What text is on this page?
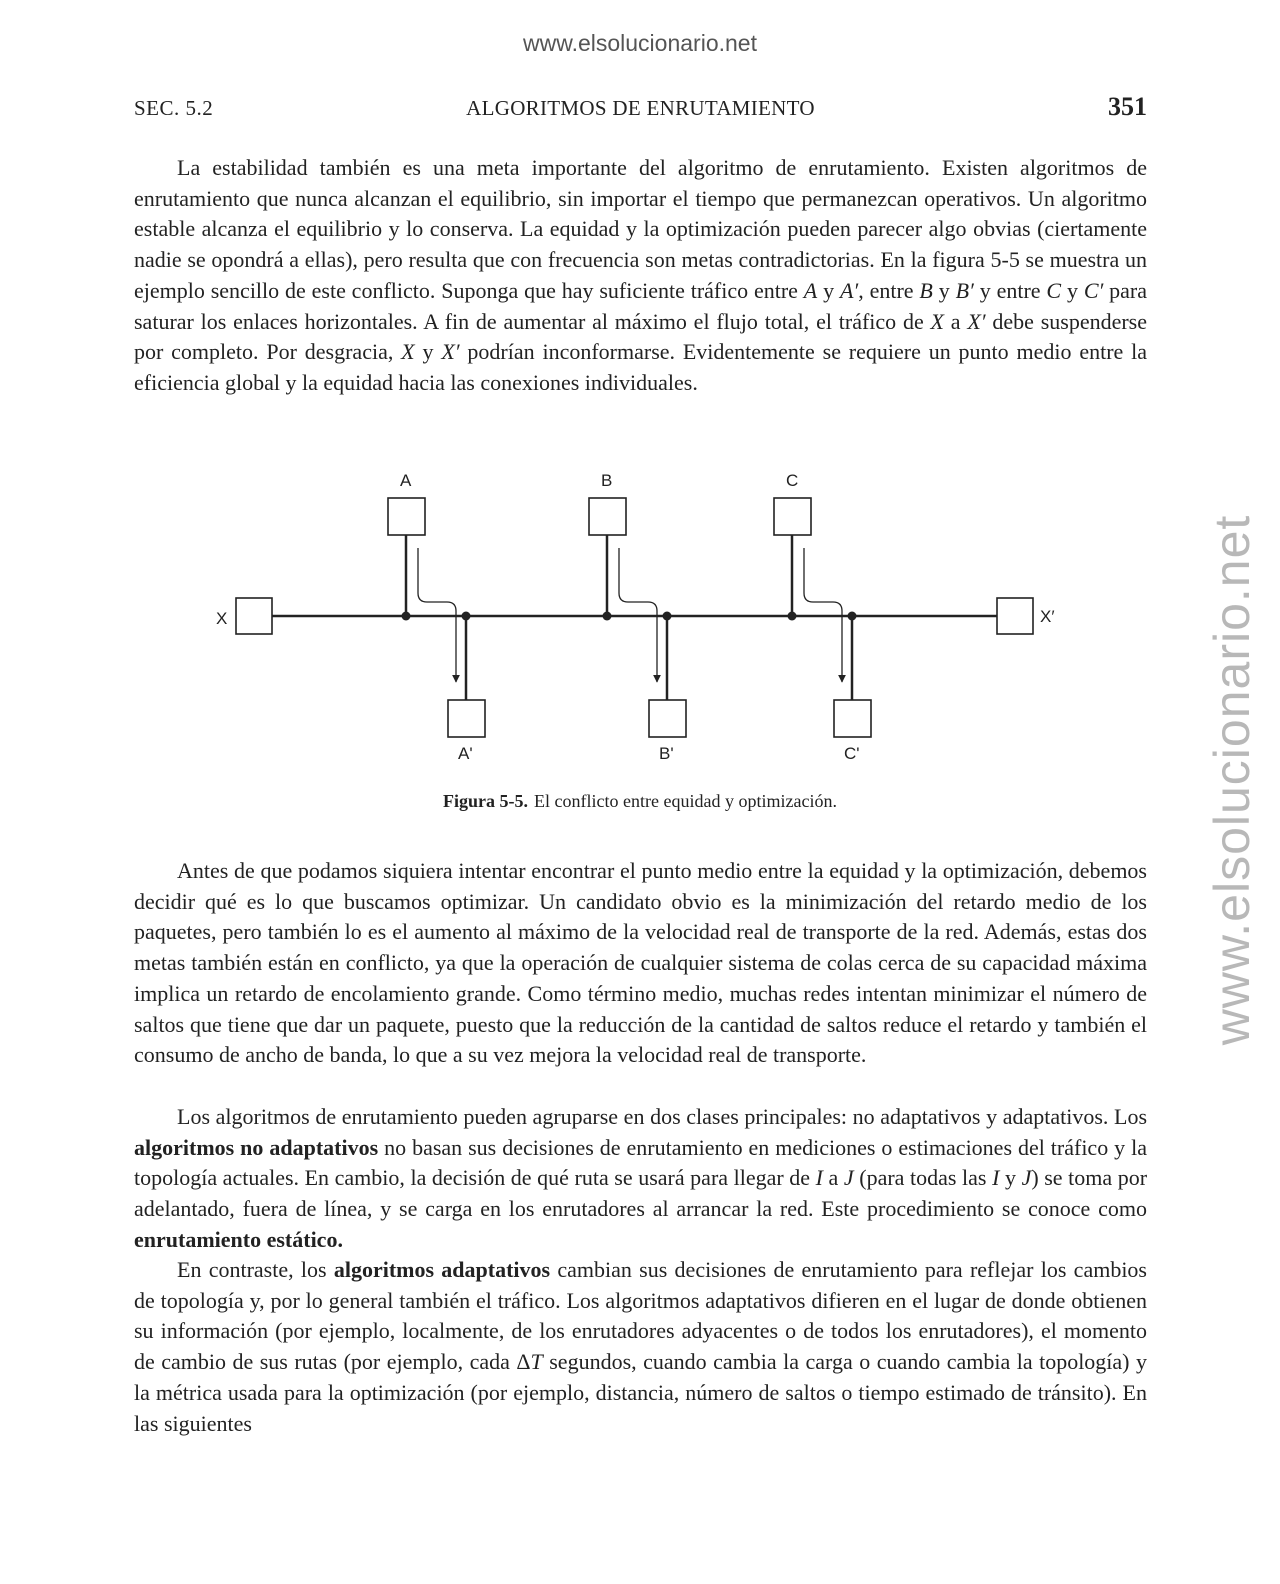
www.elsolucionario.net
www.elsolucionario.net
SEC. 5.2	ALGORITMOS DE ENRUTAMIENTO	351

La estabilidad también es una meta importante del algoritmo de enrutamiento. Existen algoritmos de enrutamiento que nunca alcanzan el equilibrio, sin importar el tiempo que permanezcan operativos. Un algoritmo estable alcanza el equilibrio y lo conserva. La equidad y la optimización pueden parecer algo obvias (ciertamente nadie se opondrá a ellas), pero resulta que con frecuencia son metas contradictorias. En la figura 5-5 se muestra un ejemplo sencillo de este conflicto. Suponga que hay suficiente tráfico entre A y A′, entre B y B′ y entre C y C′ para saturar los enlaces horizontales. A fin de aumentar al máximo el flujo total, el tráfico de X a X′ debe suspenderse por completo. Por desgracia, X y X′ podrían inconformarse. Evidentemente se requiere un punto medio entre la eficiencia global y la equidad hacia las conexiones individuales.

X	X′
A
A'
B
B'
C
C'
Figura 5-5. El conflicto entre equidad y optimización.

Antes de que podamos siquiera intentar encontrar el punto medio entre la equidad y la optimización, debemos decidir qué es lo que buscamos optimizar. Un candidato obvio es la minimización del retardo medio de los paquetes, pero también lo es el aumento al máximo de la velocidad real de transporte de la red. Además, estas dos metas también están en conflicto, ya que la operación de cualquier sistema de colas cerca de su capacidad máxima implica un retardo de encolamiento grande. Como término medio, muchas redes intentan minimizar el número de saltos que tiene que dar un paquete, puesto que la reducción de la cantidad de saltos reduce el retardo y también el consumo de ancho de banda, lo que a su vez mejora la velocidad real de transporte.

Los algoritmos de enrutamiento pueden agruparse en dos clases principales: no adaptativos y adaptativos. Los algoritmos no adaptativos no basan sus decisiones de enrutamiento en mediciones o estimaciones del tráfico y la topología actuales. En cambio, la decisión de qué ruta se usará para llegar de I a J (para todas las I y J) se toma por adelantado, fuera de línea, y se carga en los enrutadores al arrancar la red. Este procedimiento se conoce como enrutamiento estático.

En contraste, los algoritmos adaptativos cambian sus decisiones de enrutamiento para reflejar los cambios de topología y, por lo general también el tráfico. Los algoritmos adaptativos difieren en el lugar de donde obtienen su información (por ejemplo, localmente, de los enrutadores adyacentes o de todos los enrutadores), el momento de cambio de sus rutas (por ejemplo, cada ΔT segundos, cuando cambia la carga o cuando cambia la topología) y la métrica usada para la optimización (por ejemplo, distancia, número de saltos o tiempo estimado de tránsito). En las siguientes
